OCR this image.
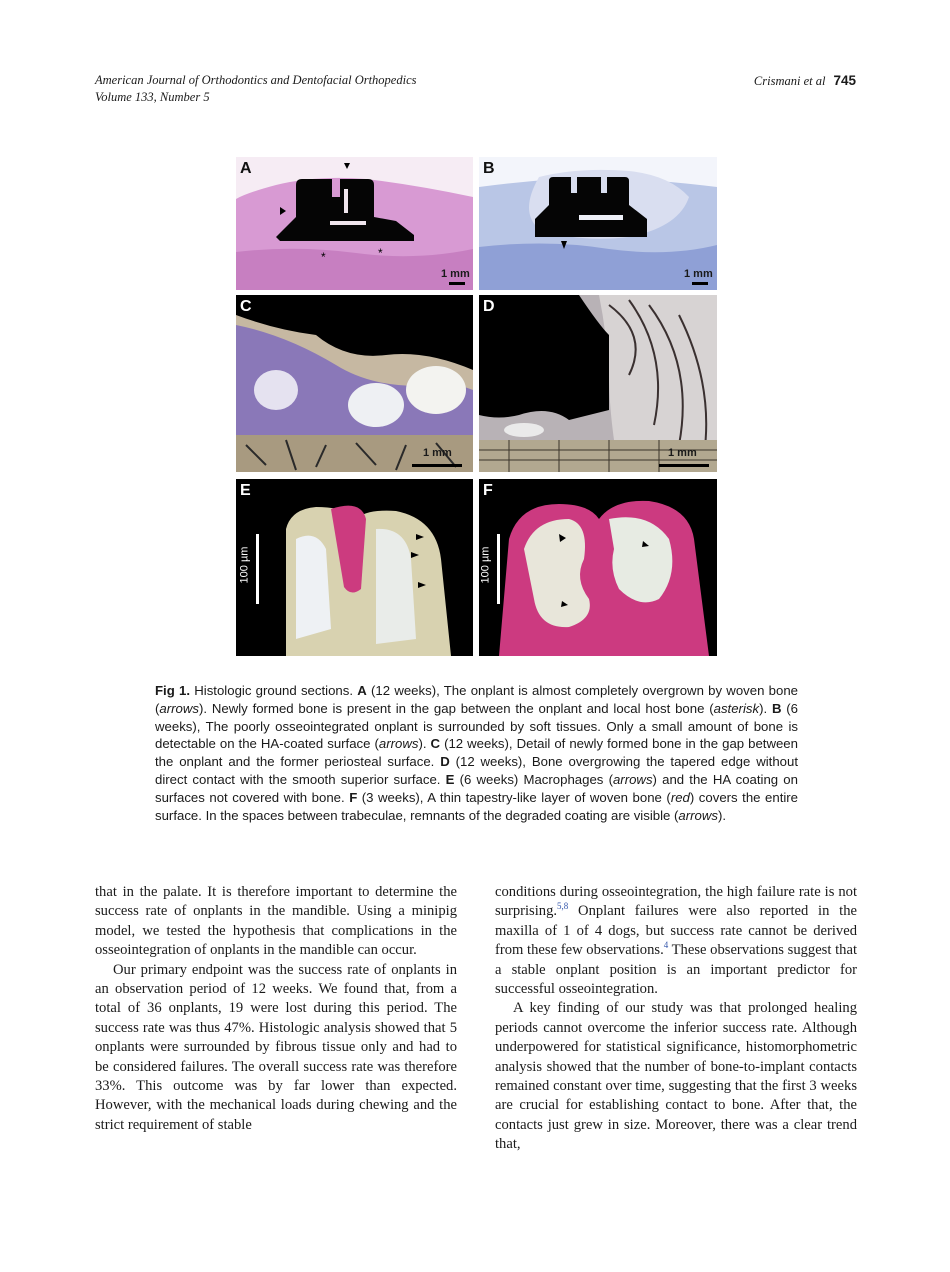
American Journal of Orthodontics and Dentofacial Orthopedics
Volume 133, Number 5
Crismani et al 745
*	*
A
1 mm
B
1 mm
C
1 mm
D
1 mm
E
100 µm
F
100 µm
Fig 1. Histologic ground sections. A (12 weeks), The onplant is almost completely overgrown by woven bone (arrows). Newly formed bone is present in the gap between the onplant and local host bone (asterisk). B (6 weeks), The poorly osseointegrated onplant is surrounded by soft tissues. Only a small amount of bone is detectable on the HA-coated surface (arrows). C (12 weeks), Detail of newly formed bone in the gap between the onplant and the former periosteal surface. D (12 weeks), Bone overgrowing the tapered edge without direct contact with the smooth superior surface. E (6 weeks) Macrophages (arrows) and the HA coating on surfaces not covered with bone. F (3 weeks), A thin tapestry-like layer of woven bone (red) covers the entire surface. In the spaces between trabeculae, remnants of the degraded coating are visible (arrows).

that in the palate. It is therefore important to determine the success rate of onplants in the mandible. Using a minipig model, we tested the hypothesis that complications in the osseointegration of onplants in the mandible can occur.

Our primary endpoint was the success rate of onplants in an observation period of 12 weeks. We found that, from a total of 36 onplants, 19 were lost during this period. The success rate was thus 47%. Histologic analysis showed that 5 onplants were surrounded by fibrous tissue only and had to be considered failures. The overall success rate was therefore 33%. This outcome was by far lower than expected. However, with the mechanical loads during chewing and the strict requirement of stable

conditions during osseointegration, the high failure rate is not surprising.$^{5,8}$ Onplant failures were also reported in the maxilla of 1 of 4 dogs, but success rate cannot be derived from these few observations.$^4$ These observations suggest that a stable onplant position is an important predictor for successful osseointegration.

A key finding of our study was that prolonged healing periods cannot overcome the inferior success rate. Although underpowered for statistical significance, histomorphometric analysis showed that the number of bone-to-implant contacts remained constant over time, suggesting that the first 3 weeks are crucial for establishing contact to bone. After that, the contacts just grew in size. Moreover, there was a clear trend that,
